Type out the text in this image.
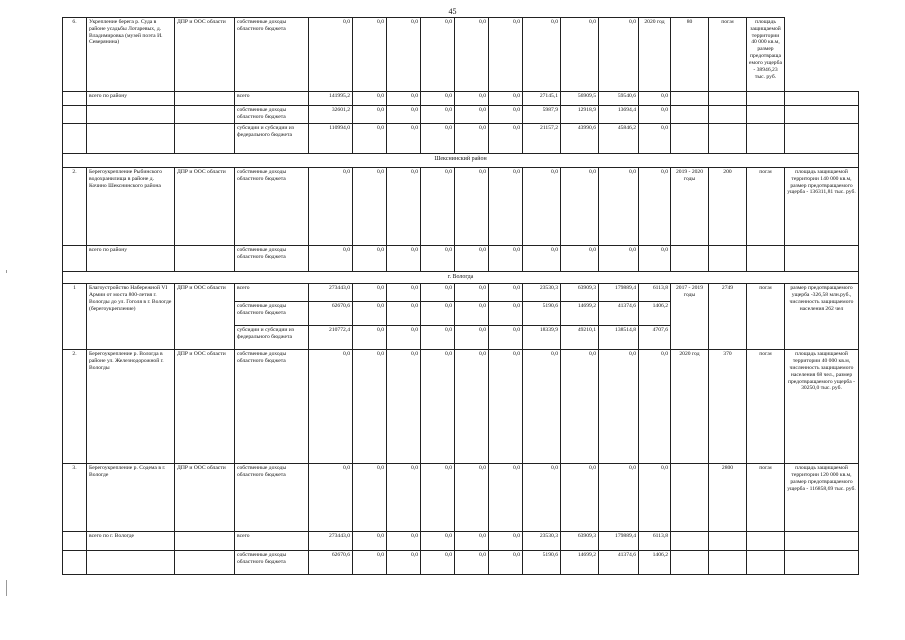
45
6.	Укрепление берега р. Суда в районе усадьбы Лотаревых, д. Владимировка (музей поэта И. Северянина)	ДПР и ООС области	собственные доходы областного бюджета	0,0	0,0	0,0	0,0	0,0	0,0	0,0	0,0	0,0	2020 год	80	пог.м	площадь защищаемой территории 40 000 кв.м, размер предотвращаемого ущерба - 38946,23 тыс. руб.	
	всего по району		всего	141995,2	0,0	0,0	0,0	0,0	0,0	27145,1	56909,5	59540,6	0,0				
			собственные доходы областного бюджета	32601,2	0,0	0,0	0,0	0,0	0,0	5987,9	12918,9	13694,4	0,0				
			субсидии и субсидии из федерального бюджета	110994,0	0,0	0,0	0,0	0,0	0,0	21157,2	43990,6	45846,2	0,0				
Шекснинский район																	
2.	Берегоукрепление Рыбинского водохранилища в районе д. Кочино Шекснинского района	ДПР и ООС области	собственные доходы областного бюджета	0,0	0,0	0,0	0,0	0,0	0,0	0,0	0,0	0,0	0,0	2019 - 2020 годы	200	пог.м	площадь защищаемой территории 140 000 кв.м, размер предотвращаемого ущерба - 136311,81 тыс. руб.
	всего по району		собственные доходы областного бюджета	0,0	0,0	0,0	0,0	0,0	0,0	0,0	0,0	0,0	0,0				
г. Вологда																	
1	Благоустройство Набережной VI Армии от моста 800-летия г. Вологды до ул. Гоголя в г. Вологде (берегоукрепление)	ДПР и ООС области	всего	273443,0	0,0	0,0	0,0	0,0	0,0	23530,3	63909,3	179889,4	6113,8	2017 - 2019 годы	2749	пог.м	размер предотвращаемого ущерба -326,58 млн.руб., численность защищаемого населения 262 чел
			собственные доходы областного бюджета	62670,6	0,0	0,0	0,0	0,0	0,0	5190,6	14699,2	41374,6	1406,2				
			субсидии и субсидии из федерального бюджета	210772,4	0,0	0,0	0,0	0,0	0,0	18339,9	49210,1	138514,8	4707,6				
2.	Берегоукрепление р. Вологда в районе ул. Железнодорожной г. Вологды	ДПР и ООС области	собственные доходы областного бюджета	0,0	0,0	0,0	0,0	0,0	0,0	0,0	0,0	0,0	0,0	2020 год	370	пог.м	площадь защищаемой территории 40 000 кв.м, численность защищаемого населения 68 чел., размер предотвращаемого ущерба - 30250,0 тыс. руб.
3.	Берегоукрепление р. Содема в г. Вологде	ДПР и ООС области	собственные доходы областного бюджета	0,0	0,0	0,0	0,0	0,0	0,0	0,0	0,0	0,0	0,0		2800	пог.м	площадь защищаемой территории 120 000 кв.м, размер предотвращаемого ущерба - 116858,69 тыс. руб.
	всего по г. Вологде		всего	273443,0	0,0	0,0	0,0	0,0	0,0	23530,3	63909,3	179889,4	6113,8				
			собственные доходы областного бюджета	62670,6	0,0	0,0	0,0	0,0	0,0	5190,6	14699,2	41374,6	1406,2				
